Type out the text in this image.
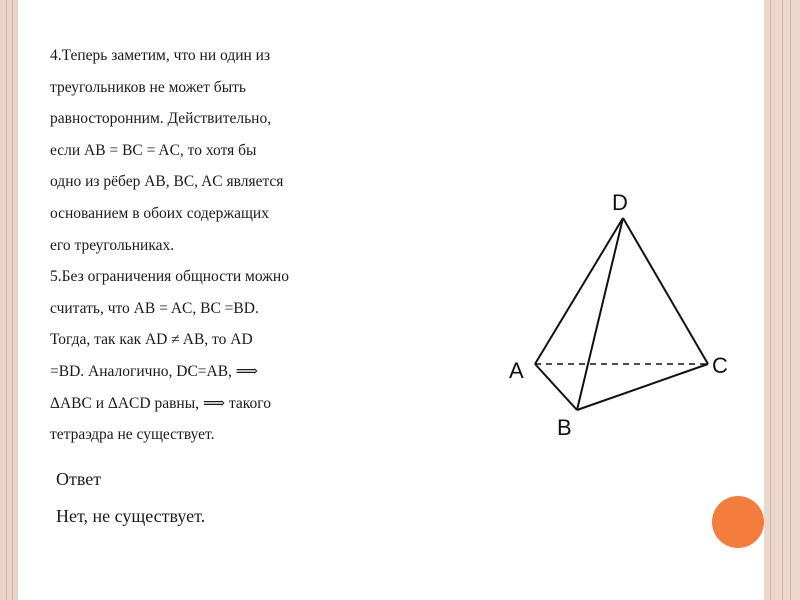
4.Теперь заметим, что ни один из
треугольников не может быть
равносторонним. Действительно,
если AB = BC = AC, то хотя бы
одно из рёбер AB, BC, AC является
основанием в обоих содержащих
его треугольниках.
5.Без ограничения общности можно
считать, что AB = AC, BC =BD.
Тогда, так как AD ≠ AB, то AD
=BD. Аналогично, DC=AB, ⟹
ΔABC и ΔACD равны, ⟹ такого
тетраэдра не существует.
Ответ
Нет, не существует.
D
A	C
B
